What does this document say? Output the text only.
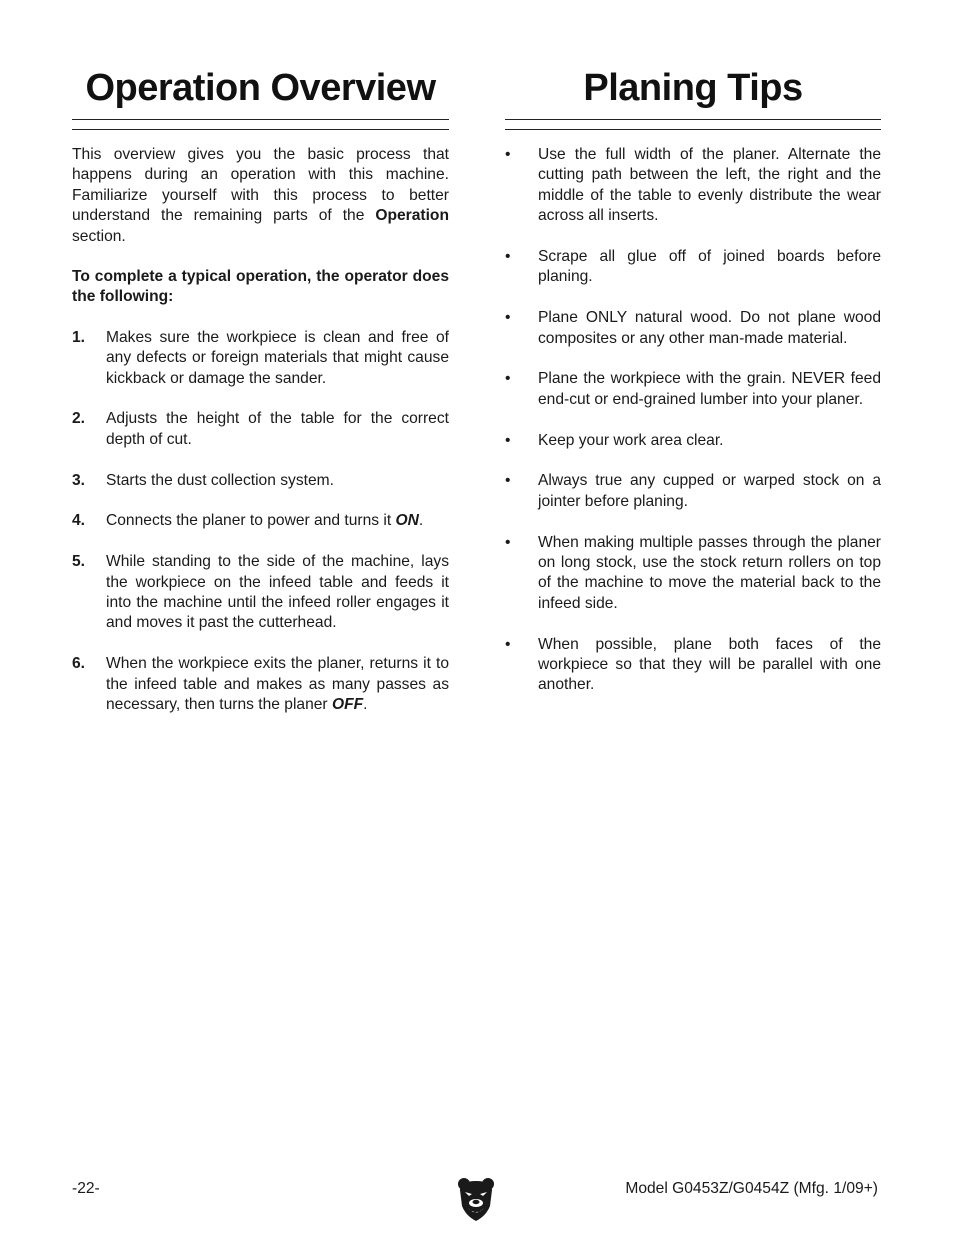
Operation Overview

This overview gives you the basic process that happens during an operation with this machine. Familiarize yourself with this process to better understand the remaining parts of the Operation section.

To complete a typical operation, the operator does the following:

1. Makes sure the workpiece is clean and free of any defects or foreign materials that might cause kickback or damage the sander.
2. Adjusts the height of the table for the correct depth of cut.
3. Starts the dust collection system.
4. Connects the planer to power and turns it ON.
5. While standing to the side of the machine, lays the workpiece on the infeed table and feeds it into the machine until the infeed roller engages it and moves it past the cutterhead.
6. When the workpiece exits the planer, returns it to the infeed table and makes as many passes as necessary, then turns the planer OFF.
Planing Tips
• Use the full width of the planer. Alternate the cutting path between the left, the right and the middle of the table to evenly distribute the wear across all inserts.
• Scrape all glue off of joined boards before planing.
• Plane ONLY natural wood. Do not plane wood composites or any other man-made material.
• Plane the workpiece with the grain. NEVER feed end-cut or end-grained lumber into your planer.
• Keep your work area clear.
• Always true any cupped or warped stock on a jointer before planing.
• When making multiple passes through the planer on long stock, use the stock return rollers on top of the machine to move the material back to the infeed side.
• When possible, plane both faces of the workpiece so that they will be parallel with one another.
-22-	Model G0453Z/G0454Z (Mfg. 1/09+)
